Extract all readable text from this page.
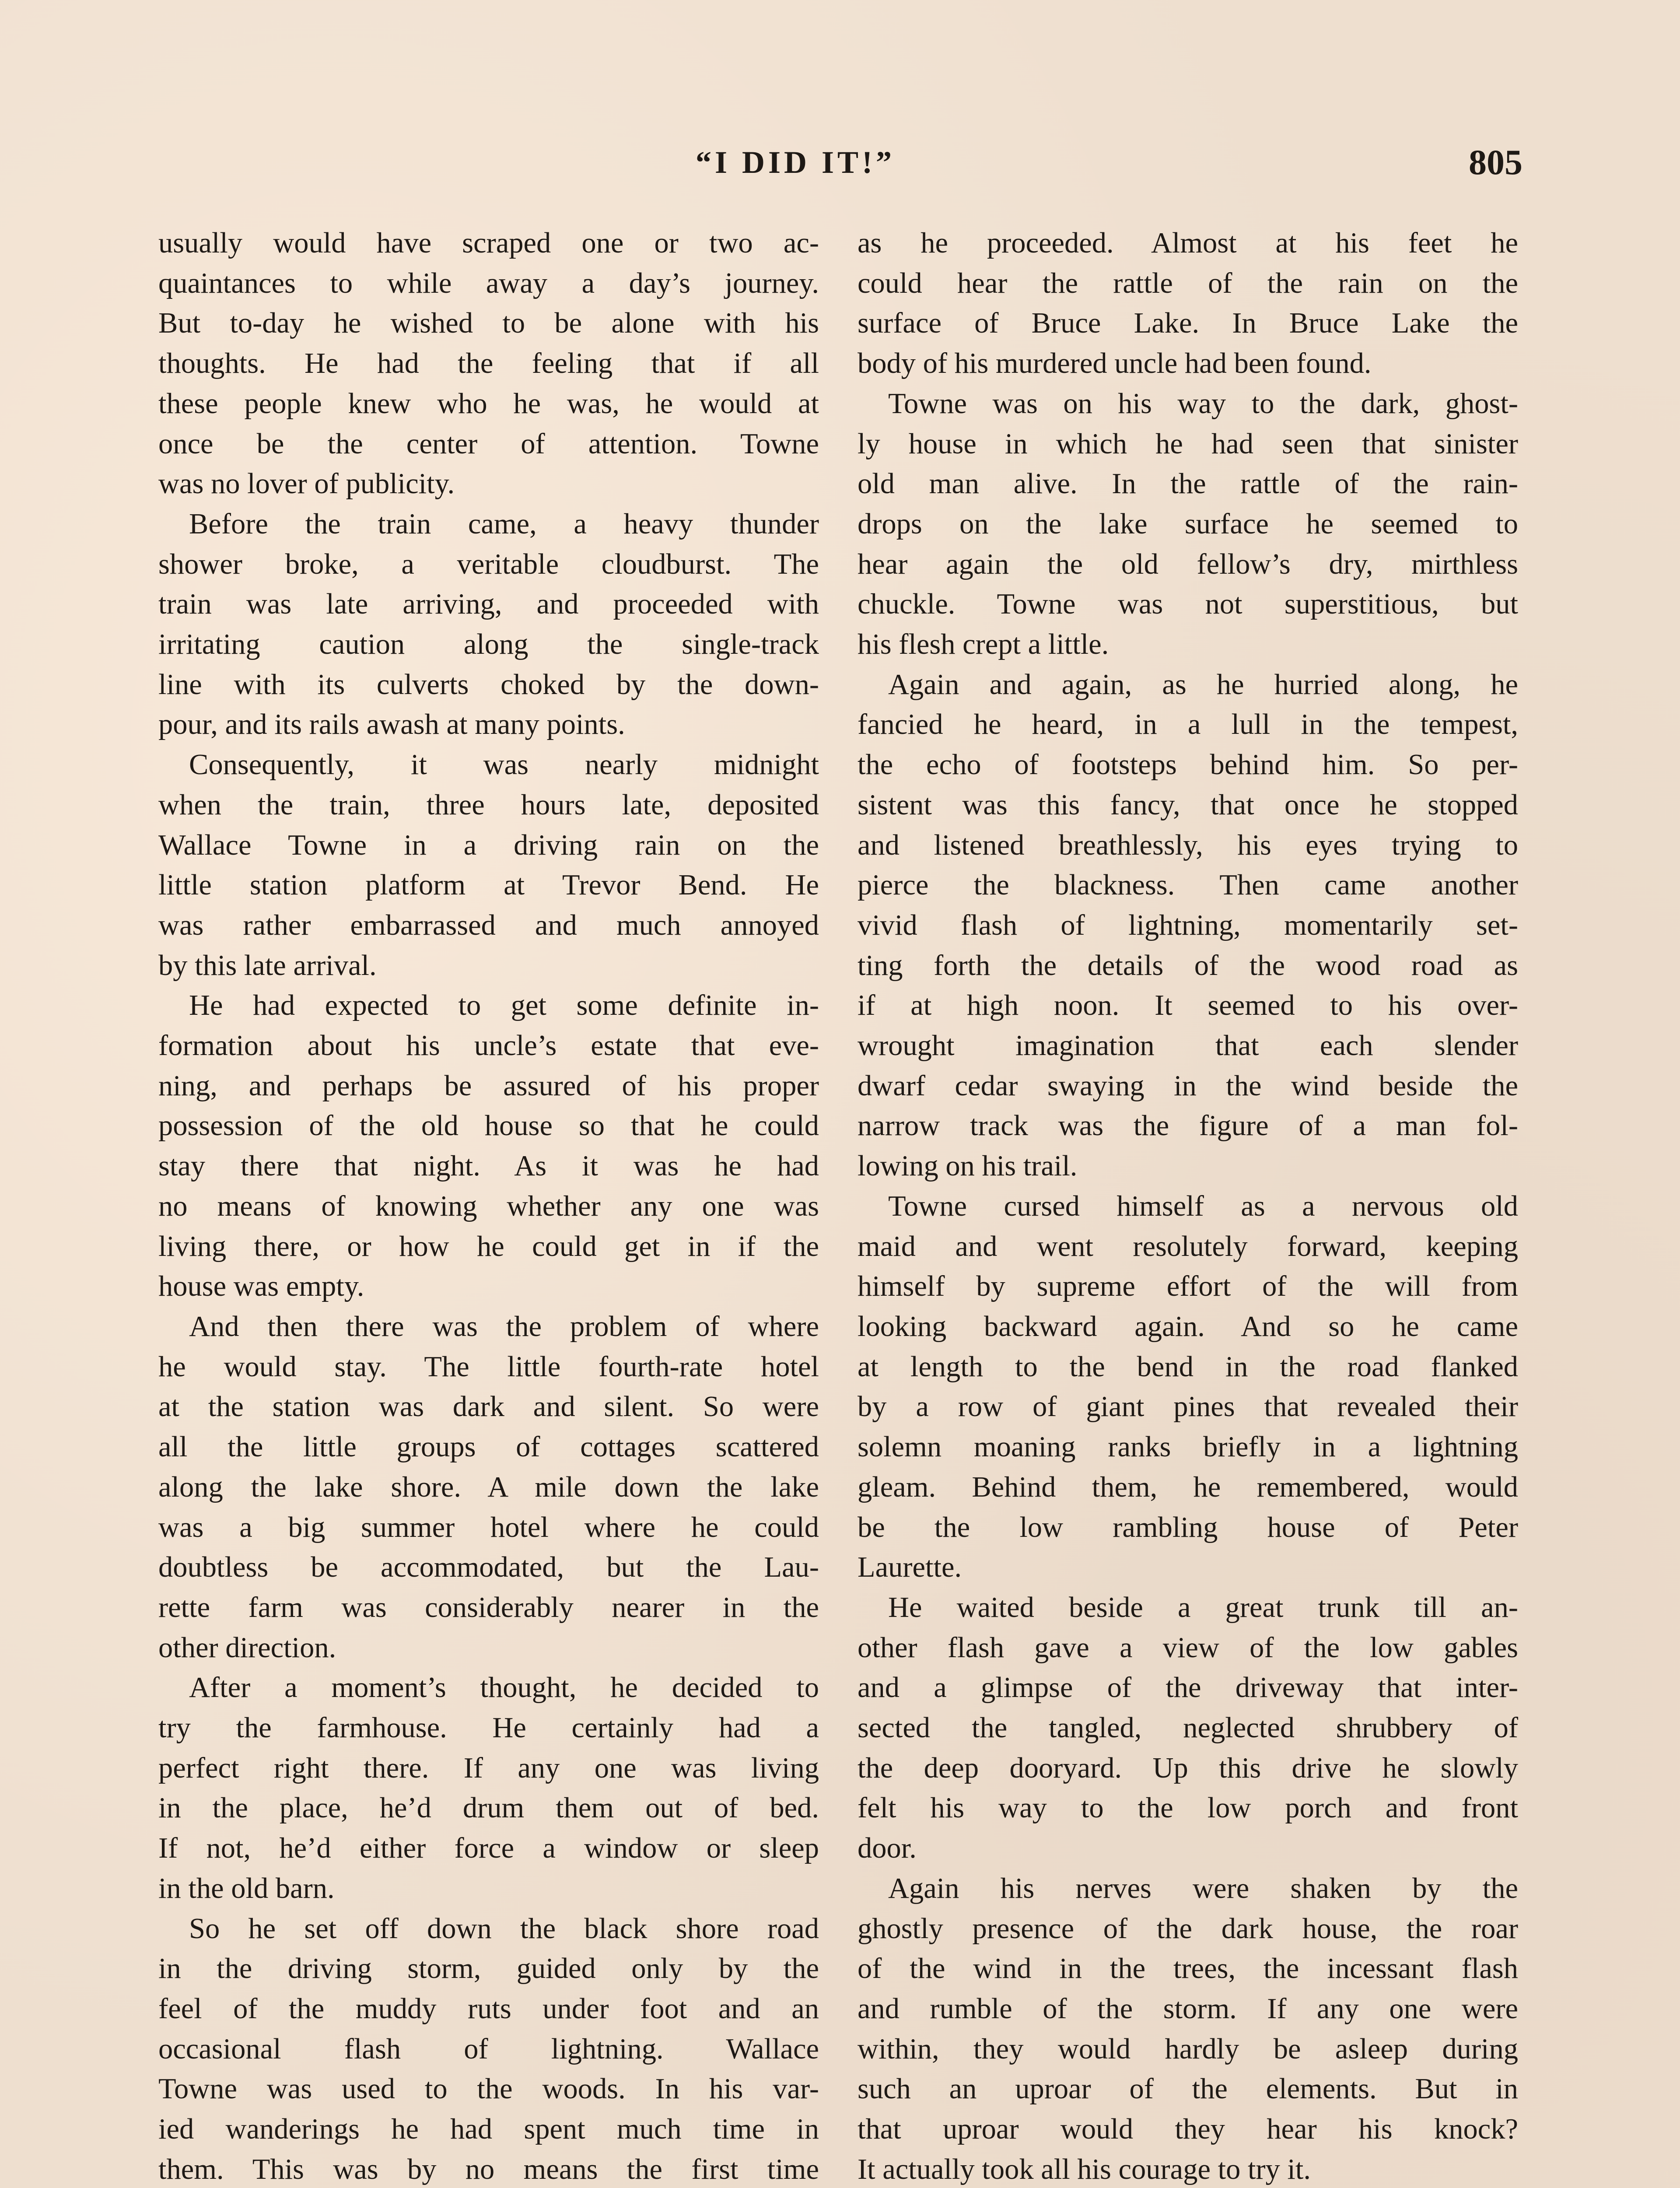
“I DID IT!”	805
usually would have scraped one or two ac-
quaintances to while away a day’s journey.
But to-day he wished to be alone with his
thoughts. He had the feeling that if all
these people knew who he was, he would at
once be the center of attention. Towne
was no lover of publicity.
Before the train came, a heavy thunder
shower broke, a veritable cloudburst. The
train was late arriving, and proceeded with
irritating caution along the single-track
line with its culverts choked by the down-
pour, and its rails awash at many points.
Consequently, it was nearly midnight
when the train, three hours late, deposited
Wallace Towne in a driving rain on the
little station platform at Trevor Bend. He
was rather embarrassed and much annoyed
by this late arrival.
He had expected to get some definite in-
formation about his uncle’s estate that eve-
ning, and perhaps be assured of his proper
possession of the old house so that he could
stay there that night. As it was he had
no means of knowing whether any one was
living there, or how he could get in if the
house was empty.
And then there was the problem of where
he would stay. The little fourth-rate hotel
at the station was dark and silent. So were
all the little groups of cottages scattered
along the lake shore. A mile down the lake
was a big summer hotel where he could
doubtless be accommodated, but the Lau-
rette farm was considerably nearer in the
other direction.
After a moment’s thought, he decided to
try the farmhouse. He certainly had a
perfect right there. If any one was living
in the place, he’d drum them out of bed.
If not, he’d either force a window or sleep
in the old barn.
So he set off down the black shore road
in the driving storm, guided only by the
feel of the muddy ruts under foot and an
occasional flash of lightning. Wallace
Towne was used to the woods. In his var-
ied wanderings he had spent much time in
them. This was by no means the first time
as he proceeded. Almost at his feet he
could hear the rattle of the rain on the
surface of Bruce Lake. In Bruce Lake the
body of his murdered uncle had been found.
Towne was on his way to the dark, ghost-
ly house in which he had seen that sinister
old man alive. In the rattle of the rain-
drops on the lake surface he seemed to
hear again the old fellow’s dry, mirthless
chuckle. Towne was not superstitious, but
his flesh crept a little.
Again and again, as he hurried along, he
fancied he heard, in a lull in the tempest,
the echo of footsteps behind him. So per-
sistent was this fancy, that once he stopped
and listened breathlessly, his eyes trying to
pierce the blackness. Then came another
vivid flash of lightning, momentarily set-
ting forth the details of the wood road as
if at high noon. It seemed to his over-
wrought imagination that each slender
dwarf cedar swaying in the wind beside the
narrow track was the figure of a man fol-
lowing on his trail.
Towne cursed himself as a nervous old
maid and went resolutely forward, keeping
himself by supreme effort of the will from
looking backward again. And so he came
at length to the bend in the road flanked
by a row of giant pines that revealed their
solemn moaning ranks briefly in a lightning
gleam. Behind them, he remembered, would
be the low rambling house of Peter
Laurette.
He waited beside a great trunk till an-
other flash gave a view of the low gables
and a glimpse of the driveway that inter-
sected the tangled, neglected shrubbery of
the deep dooryard. Up this drive he slowly
felt his way to the low porch and front
door.
Again his nerves were shaken by the
ghostly presence of the dark house, the roar
of the wind in the trees, the incessant flash
and rumble of the storm. If any one were
within, they would hardly be asleep during
such an uproar of the elements. But in
that uproar would they hear his knock?
It actually took all his courage to try it.
